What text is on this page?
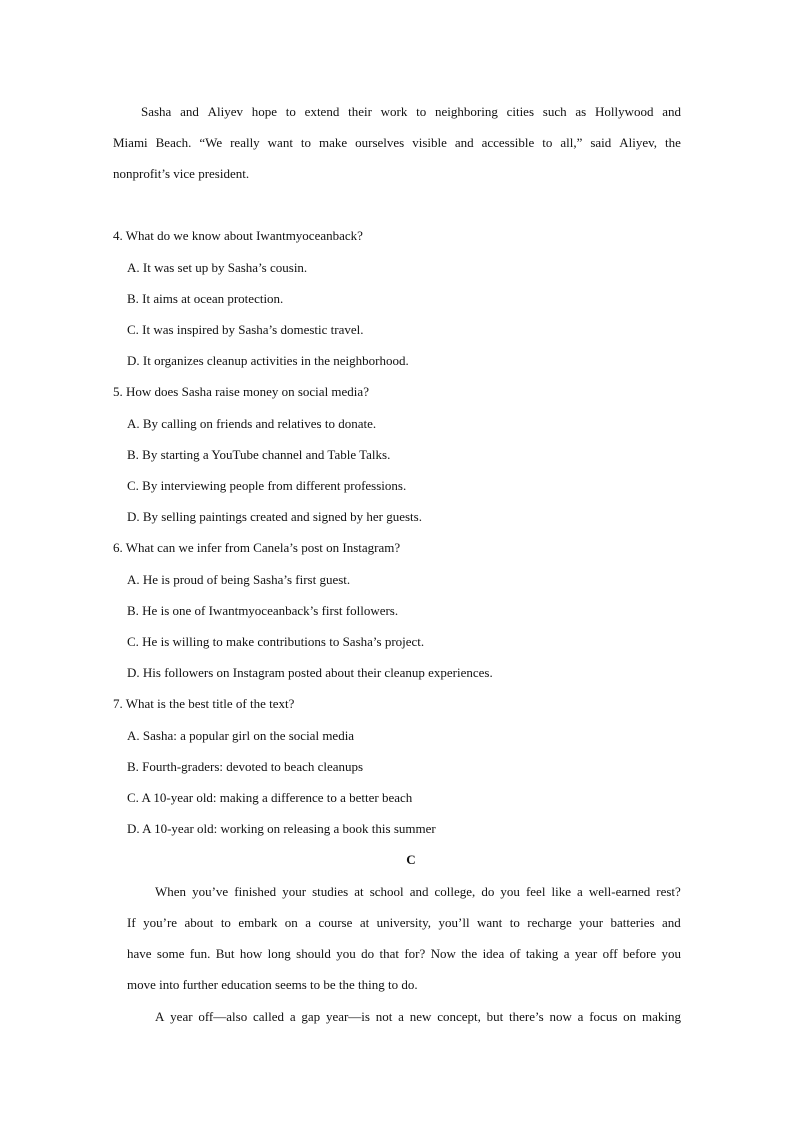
Sasha and Aliyev hope to extend their work to neighboring cities such as Hollywood and
Miami Beach. “We really want to make ourselves visible and accessible to all,” said Aliyev, the
nonprofit’s vice president.
4. What do we know about Iwantmyoceanback?
A. It was set up by Sasha’s cousin.
B. It aims at ocean protection.
C. It was inspired by Sasha’s domestic travel.
D. It organizes cleanup activities in the neighborhood.
5. How does Sasha raise money on social media?
A. By calling on friends and relatives to donate.
B. By starting a YouTube channel and Table Talks.
C. By interviewing people from different professions.
D. By selling paintings created and signed by her guests.
6. What can we infer from Canela’s post on Instagram?
A. He is proud of being Sasha’s first guest.
B. He is one of Iwantmyoceanback’s first followers.
C. He is willing to make contributions to Sasha’s project.
D. His followers on Instagram posted about their cleanup experiences.
7. What is the best title of the text?
A. Sasha: a popular girl on the social media
B. Fourth-graders: devoted to beach cleanups
C. A 10-year old: making a difference to a better beach
D. A 10-year old: working on releasing a book this summer
C
When you’ve finished your studies at school and college, do you feel like a well-earned rest?
If you’re about to embark on a course at university, you’ll want to recharge your batteries and
have some fun. But how long should you do that for? Now the idea of taking a year off before you
move into further education seems to be the thing to do.
A year off—also called a gap year—is not a new concept, but there’s now a focus on making
